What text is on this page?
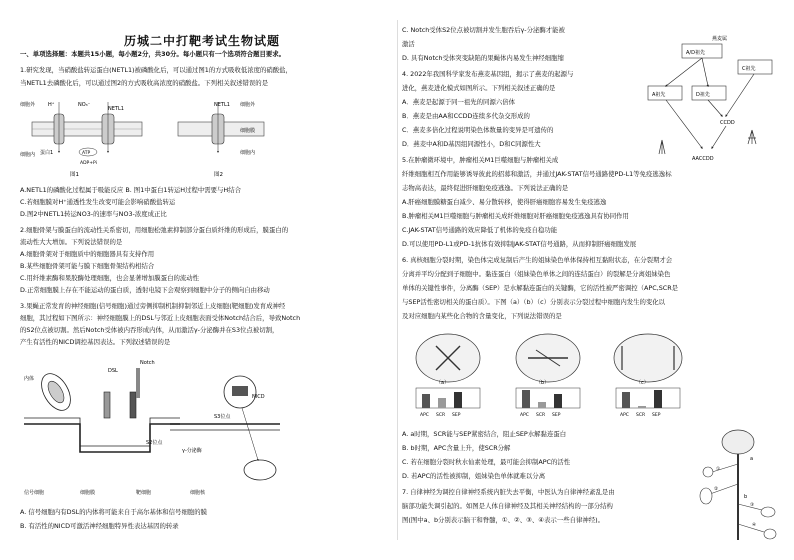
历城二中打靶考试生物试题
一、单项选择题：本题共15小题，每小题2分，共30分。每小题只有一个选项符合题目要求。
1.研究发现，当硝酸盐转运蛋白(NETL1)被磷酸化后，可以通过图1的方式吸收低浓度的硝酸盐，
当NETL1去磷酸化后，可以通过图2的方式吸收高浓度的硝酸盐。下列相关叙述错误的是
细胞外
细胞内 蛋白1
NETL1
H⁺	NO₃⁻
ATP
ADP+Pi
图1
NETL1 细胞外
细胞膜
细胞内
图2
A.NETL1的磷酸化过程属于吸能反应 B. 图1中蛋白1转运H过程中需要与H结合
C.若细胞膜对H⁺通透性发生改变可能会影响硝酸盐转运
D.图2中NETL1转运NO3-的速率与NO3-浓度成正比
2.细胞骨架与膜蛋白的流动性关系密切，用细胞松弛素抑制部分蛋白质纤维的形成后，膜蛋白的
流动性大大增加。下列说法错误的是
A.细胞骨架对于细胞质中的细胞器具有支持作用
B.某些细胞骨架可能与膜下细胞骨架结构相结合
C.用纤维素酶和果胶酶处理细胞，也会显著增加膜蛋白的流动性
D.正常细胞膜上存在不能运动的蛋白质，透射电镜下会观察到细胞中分子的侧向自由移动
3.果蝇正常发育的神经细胞(信号细胞)通过旁侧抑制机制抑制邻近上皮细胞(靶细胞)发育成神经
细胞，其过程如下图所示：神经细胞膜上的DSL与邻近上皮细胞表面受体Notch结合后，导致Notch
的S2位点被切割。然后Notch受体被内吞形成内体，从而激活γ-分泌酶并在S3位点被切割，
产生有活性的NICD调控基因表达。下列叙述错误的是
内体
DSL
Notch
S2位点
S3位点
NICD
γ-分泌酶
信号细胞	细胞膜	靶细胞	细胞核
A. 信号细胞内有DSL的内体将可能来自于高尔基体和信号细胞的膜
B. 有活性的NICD可激活神经细胞特异性表达基因的转录
C. Notch受体S2位点被切割并发生胞吞后γ-分泌酶才能被
激活
D. 具有Notch受体突变缺陷的果蝇体内易发生神经细胞缩
4. 2022年我国科学家发布燕麦基因组，揭示了燕麦的起源与
进化，燕麦进化模式如图所示。下列相关叙述正确的是
A．燕麦是起源于同一祖先的同源六倍体
B．燕麦是由AA和CCDD连续多代杂交形成的
C．燕麦多倍化过程说明染色体数量的变异是可遗传的
D．燕麦中A和D基因组同源性小，D和C同源性大
燕麦属
A/D祖先
C祖先
A祖先	D祖先
CCDD
AACCDD
5.在肿瘤微环境中，肿瘤相关M1巨噬细胞与肿瘤相关成
纤维细胞相互作用能够诱导彼此的招募和激活，并通过JAK-STAT信号通路使PD-L1等免疫逃逸标
志物高表达，最终促进肝细胞免疫逃逸。下列说法正确的是
A.肝癌细胞膜糖蛋白减少、易分散转移，使得肝癌细胞容易发生免疫逃逸
B.肿瘤相关M1巨噬细胞与肿瘤相关成纤维细胞对肝癌细胞免疫逃逸具有协同作用
C.JAK-STAT信号通路的效应降低了机体的免疫自稳功能
D.可以使用PD-L1或PD-1抗体有效抑制JAK-STAT信号通路，从而抑制肝癌细胞发展
6. 真核细胞分裂时期，染色体完成复制后产生的姐妹染色单体保持相互黏附状态，在分裂期才会
分离并平均分配到子细胞中。黏连蛋白（姐妹染色单体之间的连结蛋白）的裂解是分离姐妹染色
单体的关键性事件，分离酶（SEP）是水解黏连蛋白的关键酶，它的活性被严密调控（APC,SCR是
与SEP活性密切相关的蛋白质）。下图（a）（b）（c）分别表示分裂过程中细胞内发生的变化以
及对应细胞内某些化合物的含量变化，下列说法错误的是
APC SCR SEP
（a）
APC SCR SEP
（b）
APC SCR SEP
（c）
A. a时期，SCR能与SEP紧密结合，阻止SEP水解黏连蛋白
B. b时期，APC含量上升，使SCR分解
C. 若在细胞分裂时秋水仙素处理，最可能会抑制APC的活性
D. 若APC的活性被抑制，姐妹染色单体就难以分离
7. 自律神经为调控自律神经系统内脏失去平衡，中医认为自律神经紊乱是由
脑部功能失调引起的。如图是人体自律神经及其相关神经结构的一部分结构
图(图中a、b分别表示脑干和脊髓，①、②、③、④表示一些自律神经)。
a
b
①
②
③
④
